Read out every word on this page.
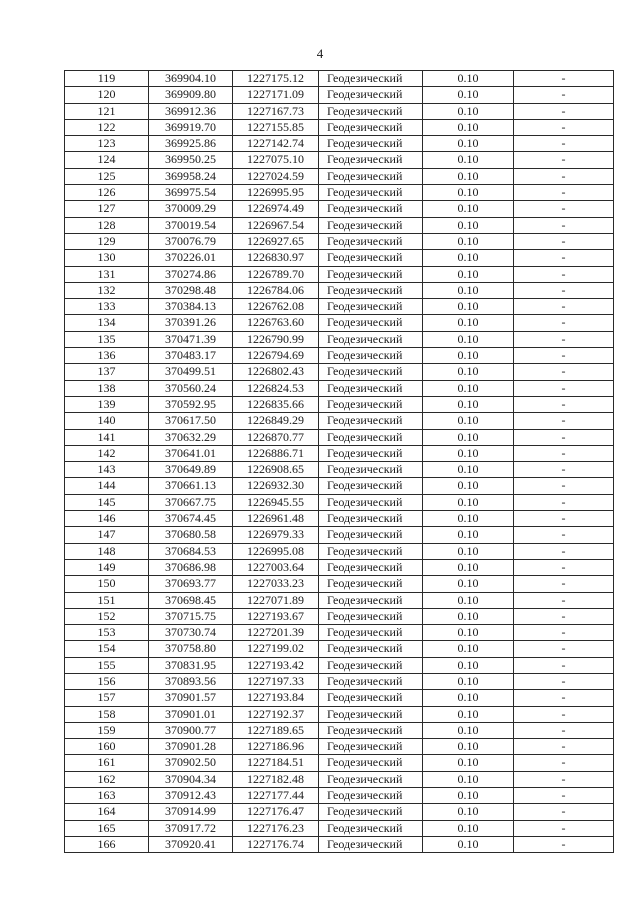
4
119	369904.10	1227175.12	Геодезический	0.10	-
120	369909.80	1227171.09	Геодезический	0.10	-
121	369912.36	1227167.73	Геодезический	0.10	-
122	369919.70	1227155.85	Геодезический	0.10	-
123	369925.86	1227142.74	Геодезический	0.10	-
124	369950.25	1227075.10	Геодезический	0.10	-
125	369958.24	1227024.59	Геодезический	0.10	-
126	369975.54	1226995.95	Геодезический	0.10	-
127	370009.29	1226974.49	Геодезический	0.10	-
128	370019.54	1226967.54	Геодезический	0.10	-
129	370076.79	1226927.65	Геодезический	0.10	-
130	370226.01	1226830.97	Геодезический	0.10	-
131	370274.86	1226789.70	Геодезический	0.10	-
132	370298.48	1226784.06	Геодезический	0.10	-
133	370384.13	1226762.08	Геодезический	0.10	-
134	370391.26	1226763.60	Геодезический	0.10	-
135	370471.39	1226790.99	Геодезический	0.10	-
136	370483.17	1226794.69	Геодезический	0.10	-
137	370499.51	1226802.43	Геодезический	0.10	-
138	370560.24	1226824.53	Геодезический	0.10	-
139	370592.95	1226835.66	Геодезический	0.10	-
140	370617.50	1226849.29	Геодезический	0.10	-
141	370632.29	1226870.77	Геодезический	0.10	-
142	370641.01	1226886.71	Геодезический	0.10	-
143	370649.89	1226908.65	Геодезический	0.10	-
144	370661.13	1226932.30	Геодезический	0.10	-
145	370667.75	1226945.55	Геодезический	0.10	-
146	370674.45	1226961.48	Геодезический	0.10	-
147	370680.58	1226979.33	Геодезический	0.10	-
148	370684.53	1226995.08	Геодезический	0.10	-
149	370686.98	1227003.64	Геодезический	0.10	-
150	370693.77	1227033.23	Геодезический	0.10	-
151	370698.45	1227071.89	Геодезический	0.10	-
152	370715.75	1227193.67	Геодезический	0.10	-
153	370730.74	1227201.39	Геодезический	0.10	-
154	370758.80	1227199.02	Геодезический	0.10	-
155	370831.95	1227193.42	Геодезический	0.10	-
156	370893.56	1227197.33	Геодезический	0.10	-
157	370901.57	1227193.84	Геодезический	0.10	-
158	370901.01	1227192.37	Геодезический	0.10	-
159	370900.77	1227189.65	Геодезический	0.10	-
160	370901.28	1227186.96	Геодезический	0.10	-
161	370902.50	1227184.51	Геодезический	0.10	-
162	370904.34	1227182.48	Геодезический	0.10	-
163	370912.43	1227177.44	Геодезический	0.10	-
164	370914.99	1227176.47	Геодезический	0.10	-
165	370917.72	1227176.23	Геодезический	0.10	-
166	370920.41	1227176.74	Геодезический	0.10	-
